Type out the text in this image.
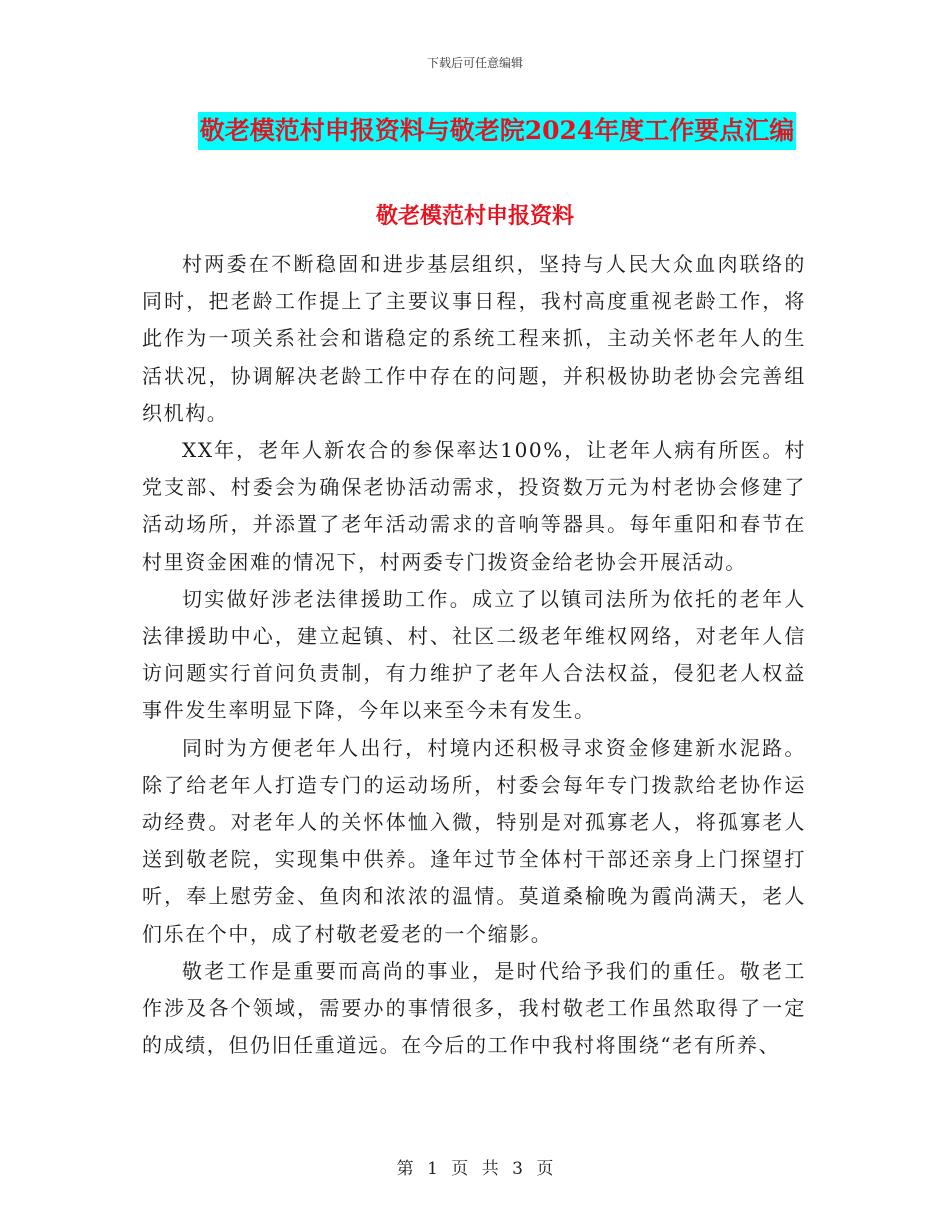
下载后可任意编辑
敬老模范村申报资料与敬老院2024年度工作要点汇编
敬老模范村申报资料

村两委在不断稳固和进步基层组织，坚持与人民大众血肉联络的同时，把老龄工作提上了主要议事日程，我村高度重视老龄工作，将此作为一项关系社会和谐稳定的系统工程来抓，主动关怀老年人的生活状况，协调解决老龄工作中存在的问题，并积极协助老协会完善组织机构。

XX年，老年人新农合的参保率达100%，让老年人病有所医。村党支部、村委会为确保老协活动需求，投资数万元为村老协会修建了活动场所，并添置了老年活动需求的音响等器具。每年重阳和春节在村里资金困难的情况下，村两委专门拨资金给老协会开展活动。

切实做好涉老法律援助工作。成立了以镇司法所为依托的老年人法律援助中心，建立起镇、村、社区二级老年维权网络，对老年人信访问题实行首问负责制，有力维护了老年人合法权益，侵犯老人权益事件发生率明显下降，今年以来至今未有发生。

同时为方便老年人出行，村境内还积极寻求资金修建新水泥路。除了给老年人打造专门的运动场所，村委会每年专门拨款给老协作运动经费。对老年人的关怀体恤入微，特别是对孤寡老人，将孤寡老人送到敬老院，实现集中供养。逢年过节全体村干部还亲身上门探望打听，奉上慰劳金、鱼肉和浓浓的温情。莫道桑榆晚为霞尚满天，老人们乐在个中，成了村敬老爱老的一个缩影。

敬老工作是重要而高尚的事业，是时代给予我们的重任。敬老工作涉及各个领域，需要办的事情很多，我村敬老工作虽然取得了一定的成绩，但仍旧任重道远。在今后的工作中我村将围绕“老有所养、

第 1 页 共 3 页
